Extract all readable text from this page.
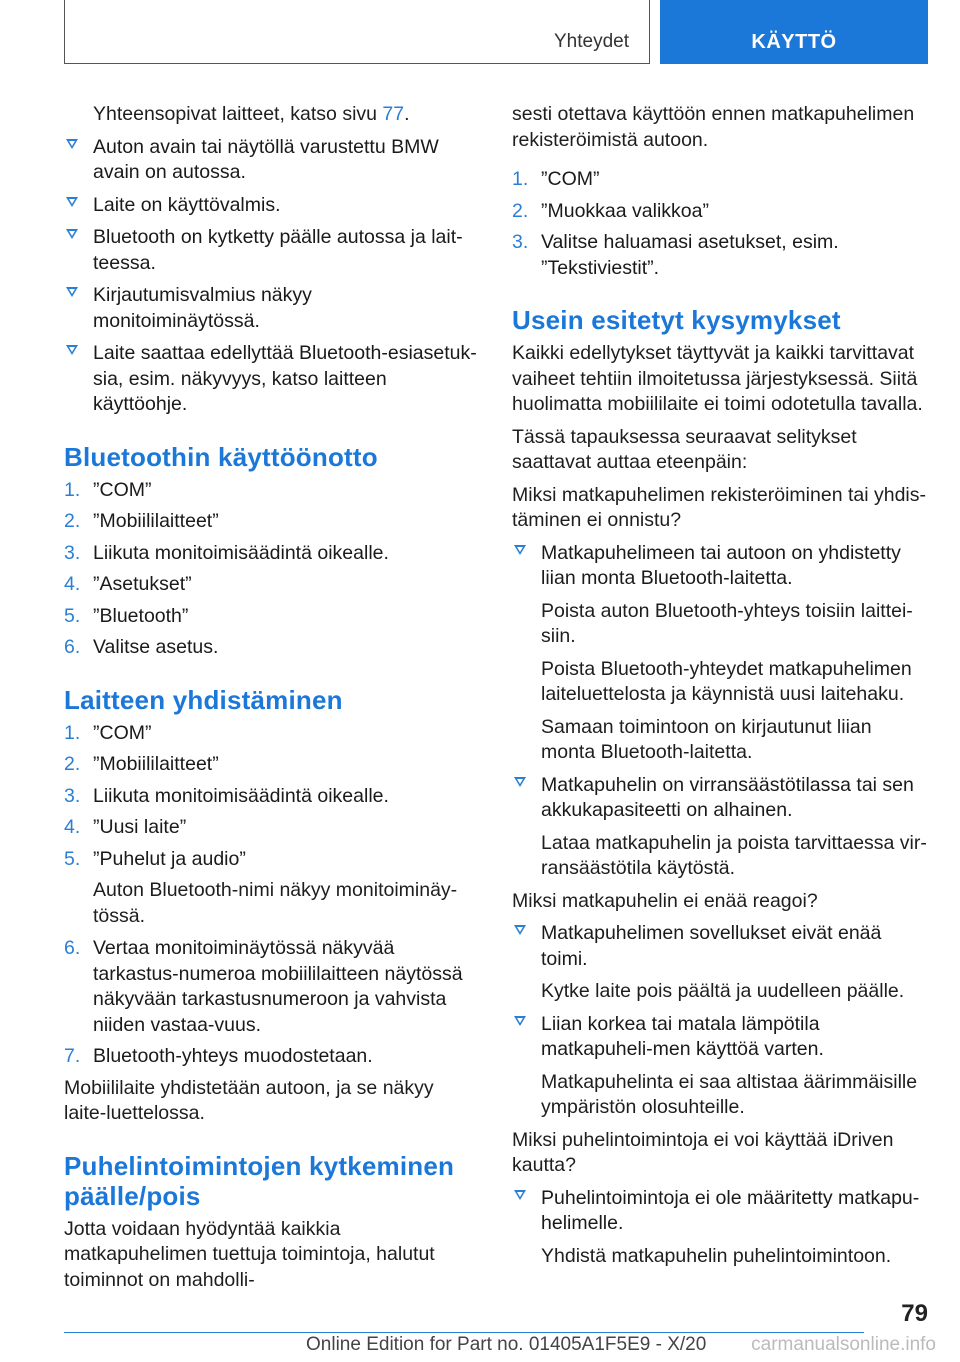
Yhteydet	KÄYTTÖ
Yhteensopivat laitteet, katso sivu 77.
Auton avain tai näytöllä varustettu BMW avain on autossa.
Laite on käyttövalmis.
Bluetooth on kytketty päälle autossa ja lait-teessa.
Kirjautumisvalmius näkyy monitoiminäytössä.
Laite saattaa edellyttää Bluetooth-esiasetuk-sia, esim. näkyvyys, katso laitteen käyttöohje.
Bluetoothin käyttöönotto
1. ”COM”
2. ”Mobiililaitteet”
3. Liikuta monitoimisäädintä oikealle.
4. ”Asetukset”
5. ”Bluetooth”
6. Valitse asetus.
Laitteen yhdistäminen
1. ”COM”
2. ”Mobiililaitteet”
3. Liikuta monitoimisäädintä oikealle.
4. ”Uusi laite”
5. ”Puhelut ja audio”
Auton Bluetooth-nimi näkyy monitoiminäy-tössä.
6. Vertaa monitoiminäytössä näkyvää tarkastus-numeroa mobiililaitteen näytössä näkyvään tarkastusnumeroon ja vahvista niiden vastaa-vuus.
7. Bluetooth-yhteys muodostetaan.
Mobiililaite yhdistetään autoon, ja se näkyy laite-luettelossa.
Puhelintoimintojen kytkeminen päälle/pois
Jotta voidaan hyödyntää kaikkia matkapuhelimen tuettuja toimintoja, halutut toiminnot on mahdolli-
sesti otettava käyttöön ennen matkapuhelimen rekisteröimistä autoon.
1. ”COM”
2. ”Muokkaa valikkoa”
3. Valitse haluamasi asetukset, esim. ”Tekstiviestit”.
Usein esitetyt kysymykset
Kaikki edellytykset täyttyvät ja kaikki tarvittavat vaiheet tehtiin ilmoitetussa järjestyksessä. Siitä huolimatta mobiililaite ei toimi odotetulla tavalla.
Tässä tapauksessa seuraavat selitykset saattavat auttaa eteenpäin:
Miksi matkapuhelimen rekisteröiminen tai yhdis-täminen ei onnistu?
Matkapuhelimeen tai autoon on yhdistetty liian monta Bluetooth-laitetta.
Poista auton Bluetooth-yhteys toisiin laittei-siin.
Poista Bluetooth-yhteydet matkapuhelimen laiteluettelosta ja käynnistä uusi laitehaku.
Samaan toimintoon on kirjautunut liian monta Bluetooth-laitetta.
Matkapuhelin on virransäästötilassa tai sen akkukapasiteetti on alhainen.
Lataa matkapuhelin ja poista tarvittaessa vir-ransäästötila käytöstä.
Miksi matkapuhelin ei enää reagoi?
Matkapuhelimen sovellukset eivät enää toimi.
Kytke laite pois päältä ja uudelleen päälle.
Liian korkea tai matala lämpötila matkapuheli-men käyttöä varten.
Matkapuhelinta ei saa altistaa äärimmäisille ympäristön olosuhteille.
Miksi puhelintoimintoja ei voi käyttää iDriven kautta?
Puhelintoimintoja ei ole määritetty matkapu-helimelle.
Yhdistä matkapuhelin puhelintoimintoon.
79
Online Edition for Part no. 01405A1F5E9 - X/20 carmanualsonline.info
